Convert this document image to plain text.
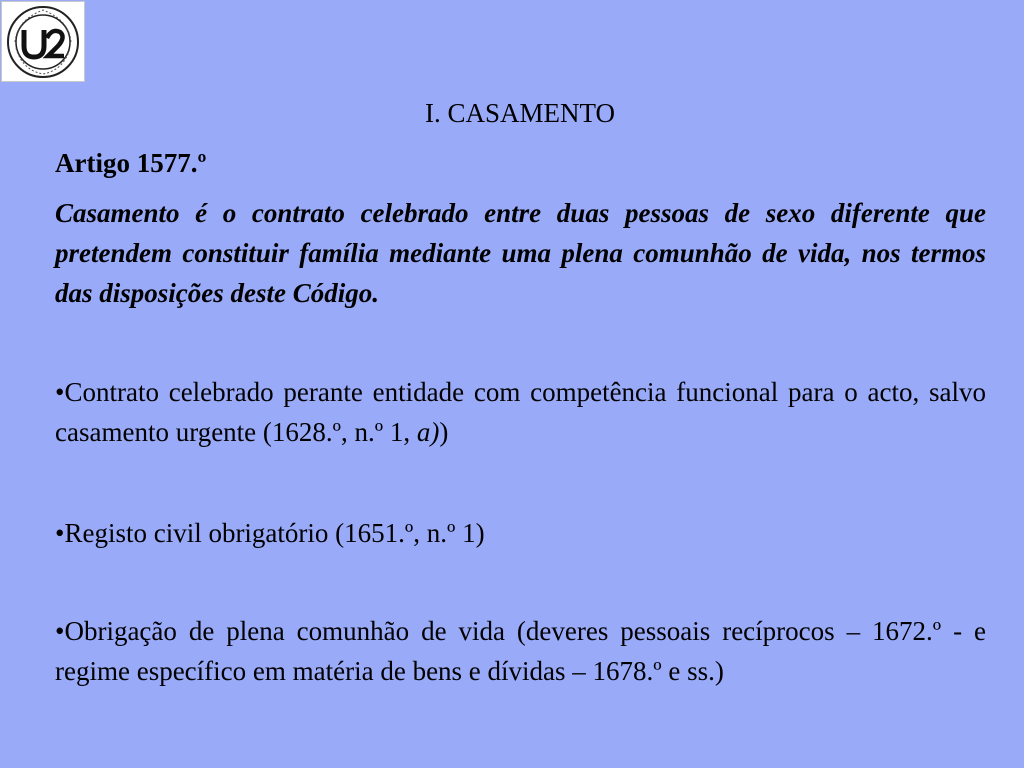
I. CASAMENTO
Artigo 1577.º

Casamento é o contrato celebrado entre duas pessoas de sexo diferente que pretendem constituir família mediante uma plena comunhão de vida, nos termos das disposições deste Código.

•Contrato celebrado perante entidade com competência funcional para o acto, salvo casamento urgente (1628.º, n.º 1, a))

•Registo civil obrigatório (1651.º, n.º 1)

•Obrigação de plena comunhão de vida (deveres pessoais recíprocos – 1672.º - e regime específico em matéria de bens e dívidas – 1678.º e ss.)
